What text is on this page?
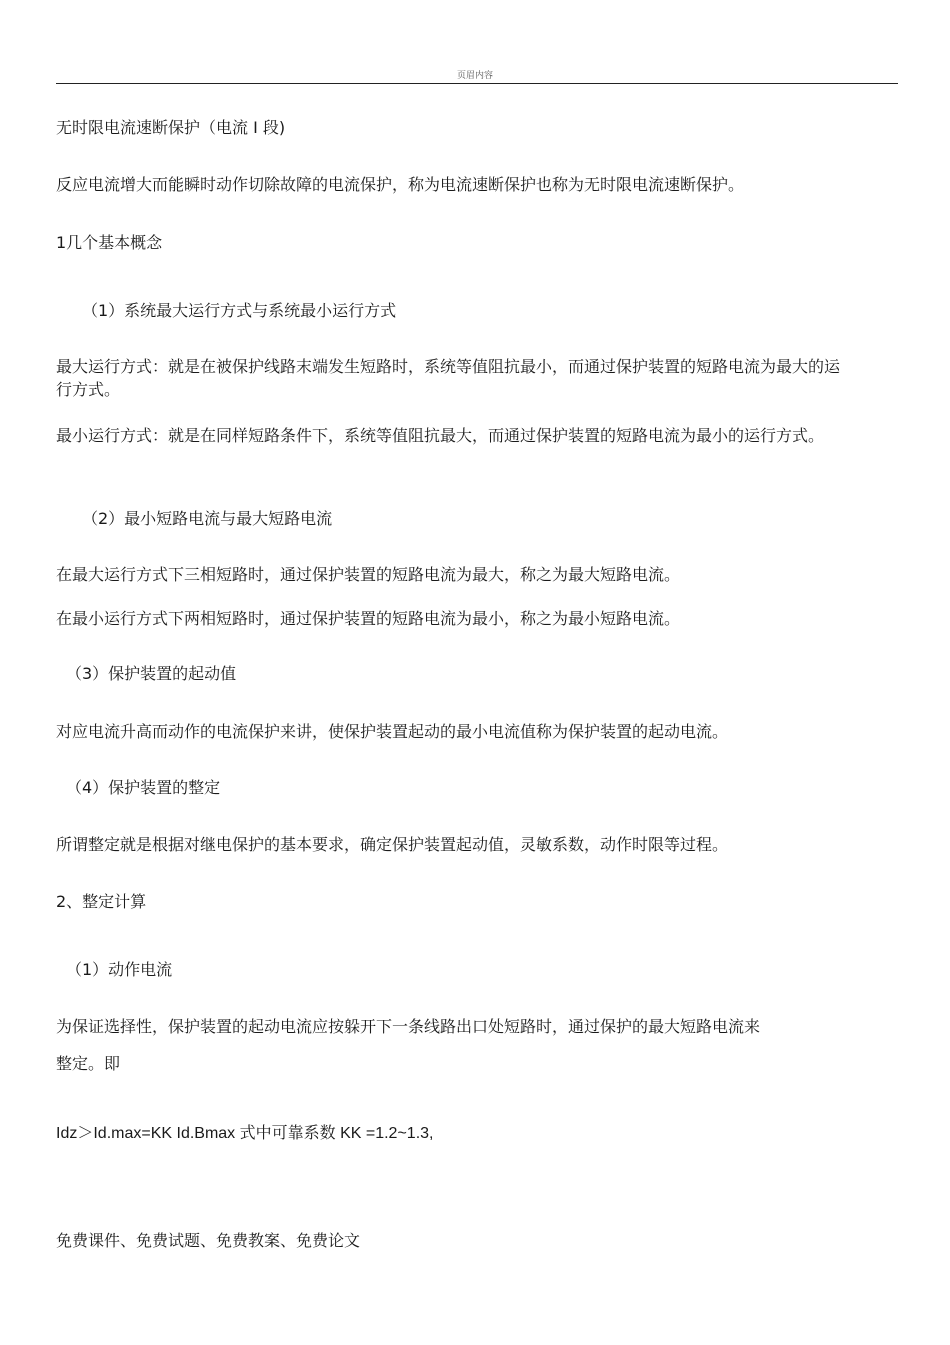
页眉内容
无时限电流速断保护（电流 I 段)
反应电流增大而能瞬时动作切除故障的电流保护，称为电流速断保护也称为无时限电流速断保护。
1几个基本概念
（1）系统最大运行方式与系统最小运行方式
最大运行方式：就是在被保护线路末端发生短路时，系统等值阻抗最小，而通过保护装置的短路电流为最大的运行方式。
最小运行方式：就是在同样短路条件下，系统等值阻抗最大，而通过保护装置的短路电流为最小的运行方式。
（2）最小短路电流与最大短路电流
在最大运行方式下三相短路时，通过保护装置的短路电流为最大，称之为最大短路电流。
在最小运行方式下两相短路时，通过保护装置的短路电流为最小，称之为最小短路电流。
（3）保护装置的起动值
对应电流升高而动作的电流保护来讲，使保护装置起动的最小电流值称为保护装置的起动电流。
（4）保护装置的整定
所谓整定就是根据对继电保护的基本要求，确定保护装置起动值，灵敏系数，动作时限等过程。
2、整定计算
（1）动作电流
为保证选择性，保护装置的起动电流应按躲开下一条线路出口处短路时，通过保护的最大短路电流来
整定。即
Idz＞Id.max=KK Id.Bmax 式中可靠系数 KK =1.2~1.3,
免费课件、免费试题、免费教案、免费论文
